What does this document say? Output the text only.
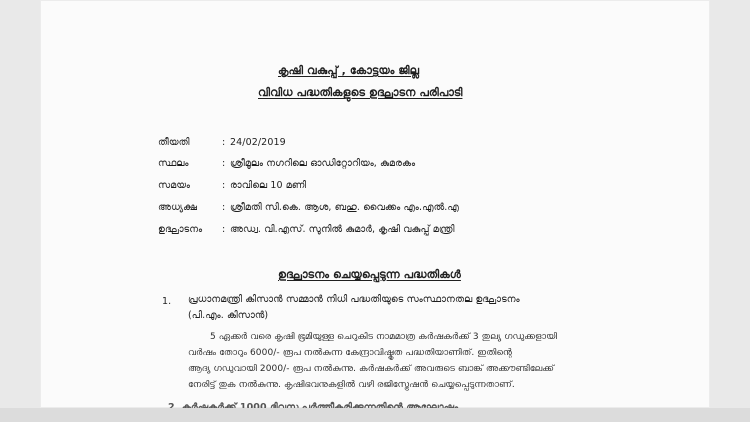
കൃഷി വകുപ്പ് , കോട്ടയം ജില്ല
വിവിധ പദ്ധതികളുടെ ഉദ്ഘാടന പരിപാടി
തീയതി	: 24/02/2019
സ്ഥലം	: ശ്രീമൂലം നഗറിലെ ഓഡിറ്റോറിയം, കുമരകം
സമയം	: രാവിലെ 10 മണി
അധ്യക്ഷ	: ശ്രീമതി സി.കെ. ആശ, ബഹു. വൈക്കം എം.എൽ.എ
ഉദ്ഘാടനം : അഡ്വ. വി.എസ്. സുനിൽ കുമാർ, കൃഷി വകുപ്പ് മന്ത്രി
ഉദ്ഘാടനം ചെയ്യപ്പെടുന്ന പദ്ധതികൾ
1. പ്രധാനമന്ത്രി കിസാൻ സമ്മാൻ നിധി പദ്ധതിയുടെ സംസ്ഥാനതല ഉദ്ഘാടനം
(പി.എം. കിസാൻ)
5 ഏക്കർ വരെ കൃഷി ഭൂമിയുള്ള ചെറുകിട നാമമാത്ര കർഷകർക്ക് 3 തുല്യ ഗഡുക്കളായി
വർഷം തോറും 6000/- രൂപ നൽകുന്ന കേന്ദ്രാവിഷ്കൃത പദ്ധതിയാണിത്. ഇതിന്റെ
ആദ്യ ഗഡുവായി 2000/- രൂപ നൽകുന്നു. കർഷകർക്ക് അവരുടെ ബാങ്ക് അക്കൗണ്ടിലേക്ക്
നേരിട്ട് തുക നൽകുന്നു. കൃഷിഭവനുകളിൽ വഴി രജിസ്ട്രേഷൻ ചെയ്യപ്പെടുന്നതാണ്.
